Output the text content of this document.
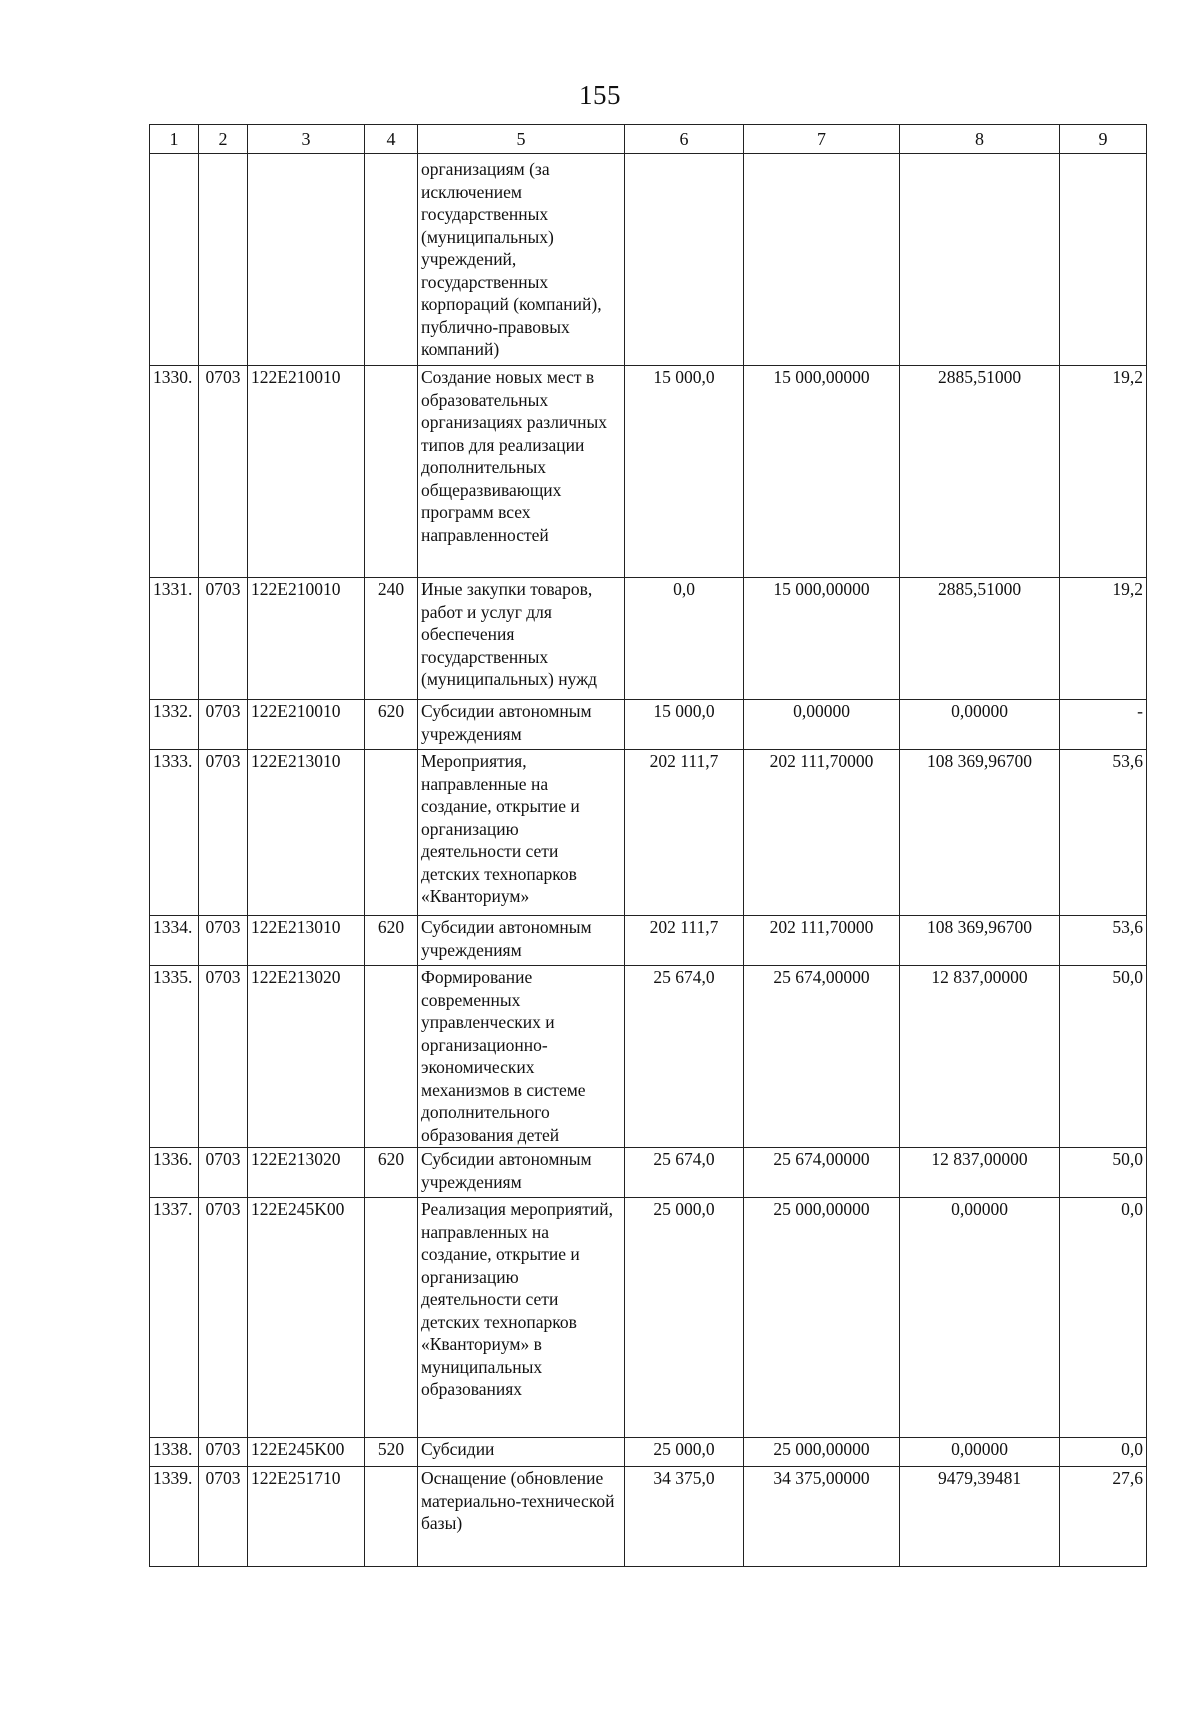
155
1	2	3	4	5	6	7	8	9
				организациям (за исключением государственных (муниципальных) учреждений, государственных корпораций (компаний), публично-правовых компаний)				
1330.	0703	122E210010		Создание новых мест в образовательных организациях различных типов для реализации дополнительных общеразвивающих программ всех направленностей	15 000,0	15 000,00000	2885,51000	19,2
1331.	0703	122E210010	240	Иные закупки товаров, работ и услуг для обеспечения государственных (муниципальных) нужд	0,0	15 000,00000	2885,51000	19,2
1332.	0703	122E210010	620	Субсидии автономным учреждениям	15 000,0	0,00000	0,00000	-
1333.	0703	122E213010		Мероприятия, направленные на создание, открытие и организацию деятельности сети детских технопарков «Кванториум»	202 111,7	202 111,70000	108 369,96700	53,6
1334.	0703	122E213010	620	Субсидии автономным учреждениям	202 111,7	202 111,70000	108 369,96700	53,6
1335.	0703	122E213020		Формирование современных управленческих и организационно-экономических механизмов в системе дополнительного образования детей	25 674,0	25 674,00000	12 837,00000	50,0
1336.	0703	122E213020	620	Субсидии автономным учреждениям	25 674,0	25 674,00000	12 837,00000	50,0
1337.	0703	122E245K00		Реализация мероприятий, направленных на создание, открытие и организацию деятельности сети детских технопарков «Кванториум» в муниципальных образованиях	25 000,0	25 000,00000	0,00000	0,0
1338.	0703	122E245K00	520	Субсидии	25 000,0	25 000,00000	0,00000	0,0
1339.	0703	122E251710		Оснащение (обновление материально-технической базы)	34 375,0	34 375,00000	9479,39481	27,6
